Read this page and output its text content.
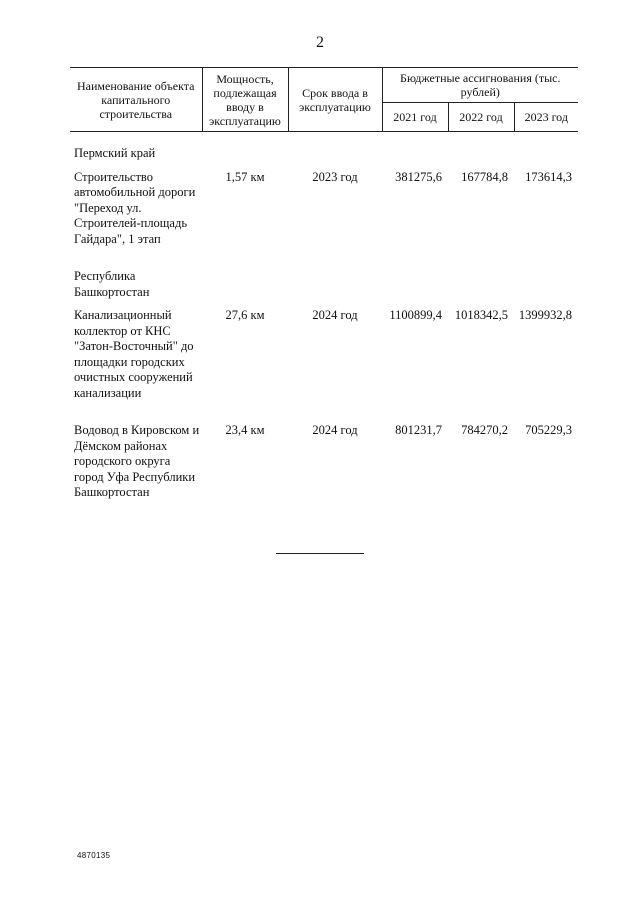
2
Наименование объекта капитального строительства	Мощность, подлежащая вводу в эксплуатацию	Срок ввода в эксплуатацию	Бюджетные ассигнования (тыс. рублей)		
			2021 год	2022 год	2023 год

Пермский край					
Строительство автомобильной дороги "Переход ул. Строителей-площадь Гайдара", 1 этап	1,57 км	2023 год	381275,6	167784,8	173614,3
Республика Башкортостан					
Канализационный коллектор от КНС "Затон-Восточный" до площадки городских очистных сооружений канализации	27,6 км	2024 год	1100899,4	1018342,5	1399932,8
Водовод в Кировском и Дёмском районах городского округа город Уфа Республики Башкортостан	23,4 км	2024 год	801231,7	784270,2	705229,3
4870135
